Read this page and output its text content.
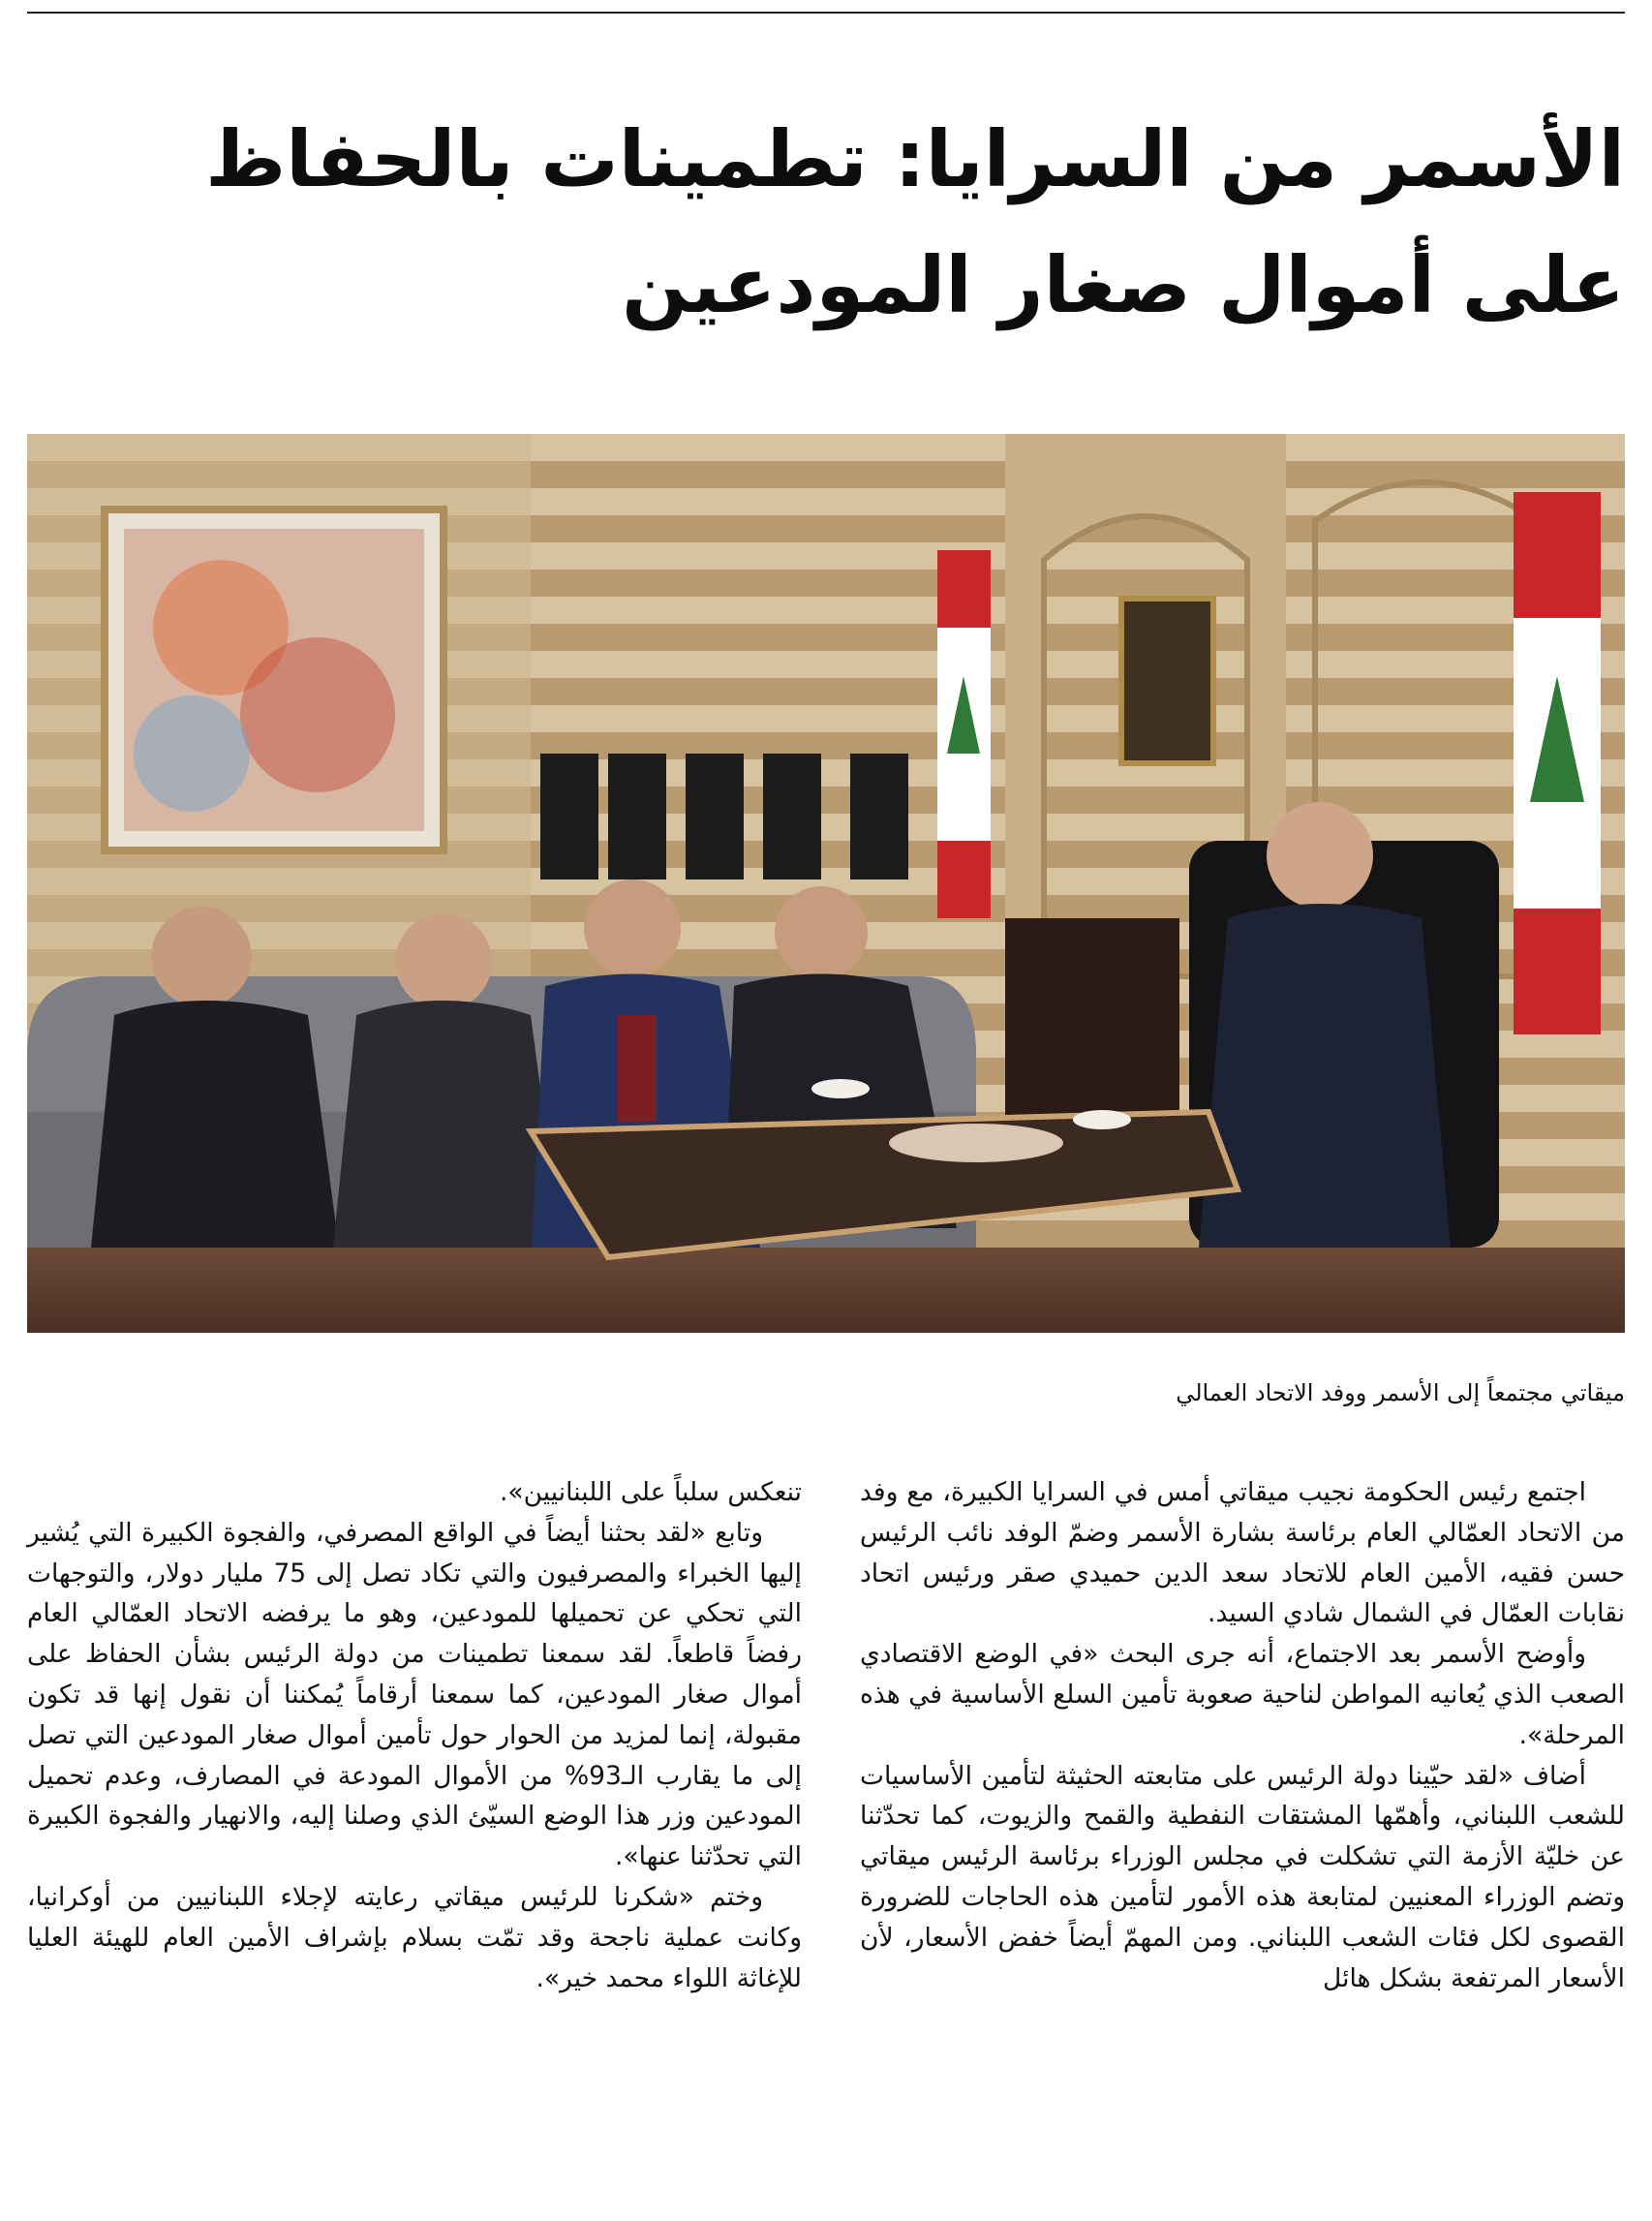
الأسمر من السرايا: تطمينات بالحفاظ
على أموال صغار المودعين
ميقاتي مجتمعاً إلى الأسمر ووفد الاتحاد العمالي

اجتمع رئيس الحكومة نجيب ميقاتي أمس في السرايا الكبيرة، مع وفد من الاتحاد العمّالي العام برئاسة بشارة الأسمر وضمّ الوفد نائب الرئيس حسن فقيه، الأمين العام للاتحاد سعد الدين حميدي صقر ورئيس اتحاد نقابات العمّال في الشمال شادي السيد.

وأوضح الأسمر بعد الاجتماع، أنه جرى البحث «في الوضع الاقتصادي الصعب الذي يُعانيه المواطن لناحية صعوبة تأمين السلع الأساسية في هذه المرحلة».

أضاف «لقد حيّينا دولة الرئيس على متابعته الحثيثة لتأمين الأساسيات للشعب اللبناني، وأهمّها المشتقات النفطية والقمح والزيوت، كما تحدّثنا عن خليّة الأزمة التي تشكلت في مجلس الوزراء برئاسة الرئيس ميقاتي وتضم الوزراء المعنيين لمتابعة هذه الأمور لتأمين هذه الحاجات للضرورة القصوى لكل فئات الشعب اللبناني. ومن المهمّ أيضاً خفض الأسعار، لأن الأسعار المرتفعة بشكل هائل

تنعكس سلباً على اللبنانيين».

وتابع «لقد بحثنا أيضاً في الواقع المصرفي، والفجوة الكبيرة التي يُشير إليها الخبراء والمصرفيون والتي تكاد تصل إلى 75 مليار دولار، والتوجهات التي تحكي عن تحميلها للمودعين، وهو ما يرفضه الاتحاد العمّالي العام رفضاً قاطعاً. لقد سمعنا تطمينات من دولة الرئيس بشأن الحفاظ على أموال صغار المودعين، كما سمعنا أرقاماً يُمكننا أن نقول إنها قد تكون مقبولة، إنما لمزيد من الحوار حول تأمين أموال صغار المودعين التي تصل إلى ما يقارب الـ93% من الأموال المودعة في المصارف، وعدم تحميل المودعين وزر هذا الوضع السيّئ الذي وصلنا إليه، والانهيار والفجوة الكبيرة التي تحدّثنا عنها».

وختم «شكرنا للرئيس ميقاتي رعايته لإجلاء اللبنانيين من أوكرانيا، وكانت عملية ناجحة وقد تمّت بسلام بإشراف الأمين العام للهيئة العليا للإغاثة اللواء محمد خير».
